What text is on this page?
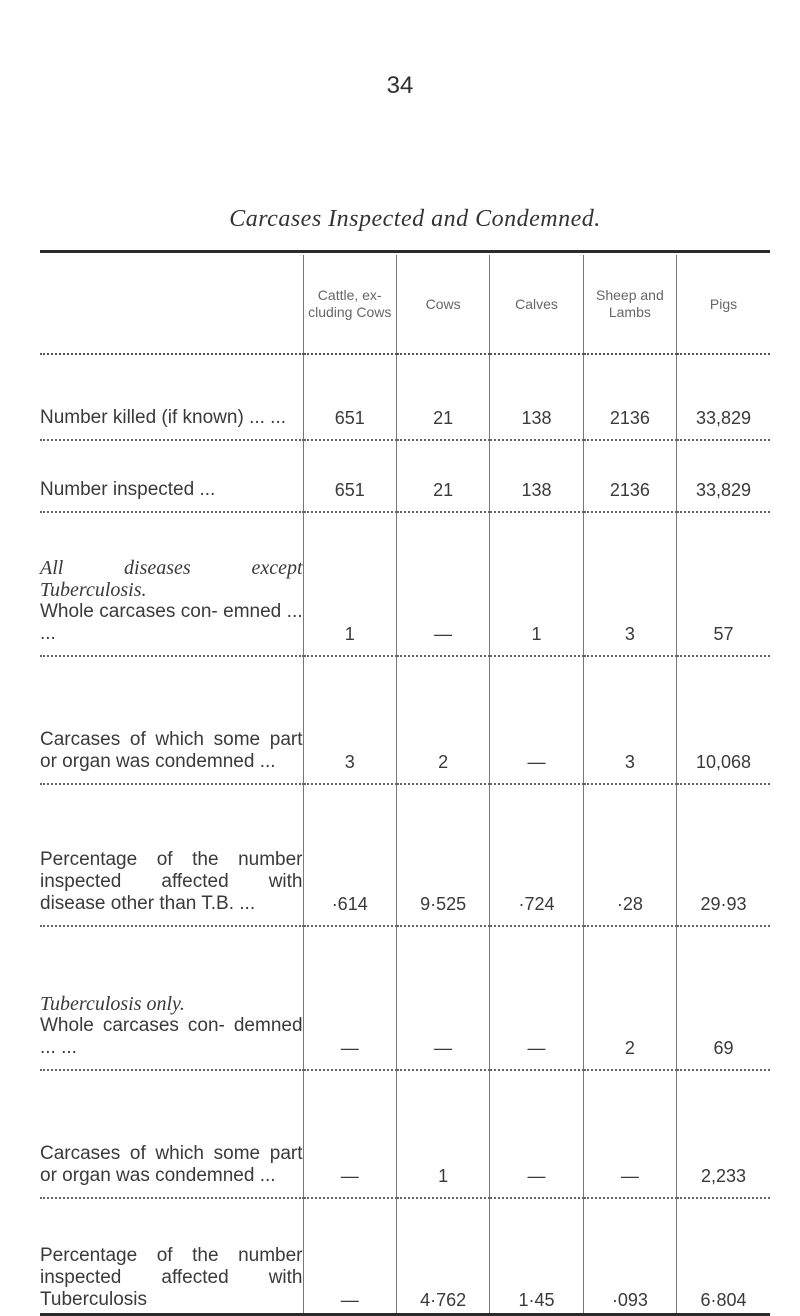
34
Carcases Inspected and Condemned.
	Cattle, ex- cluding Cows	Cows	Calves	Sheep and Lambs	Pigs
Number killed (if known) ... ...	651	21	138	2136	33,829
Number inspected ...	651	21	138	2136	33,829

All diseases except Tuberculosis.
Whole carcases con- emned ... ...	1	—	1	3	57
Carcases of which some part or organ was condemned ...	3	2	—	3	10,068
Percentage of the number inspected affected with disease other than T.B. ...	·614	9·525	·724	·28	29·93

Tuberculosis only.
Whole carcases con- demned ... ...	—	—	—	2	69
Carcases of which some part or organ was condemned ...	—	1	—	—	2,233
Percentage of the number inspected affected with Tuberculosis	—	4·762	1·45	·093	6·804
